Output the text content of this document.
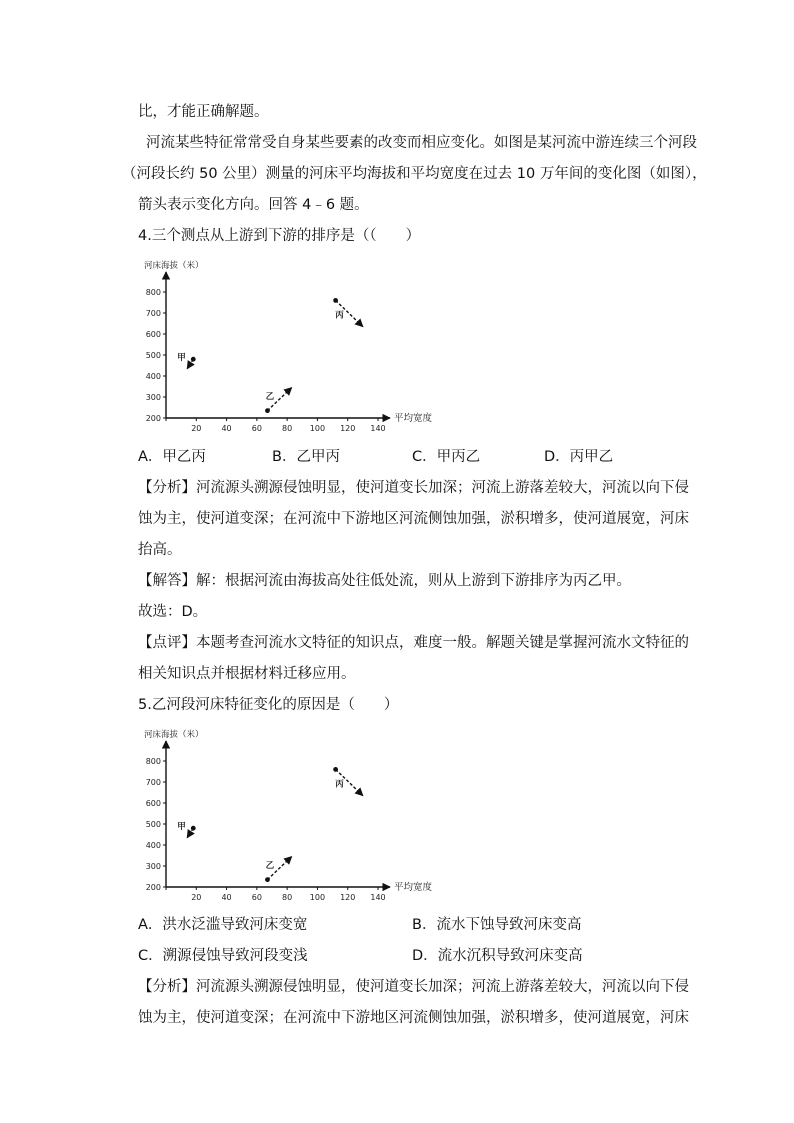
比，才能正确解题。
河流某些特征常常受自身某些要素的改变而相应变化。如图是某河流中游连续三个河段
（河段长约 50 公里）测量的河床平均海拔和平均宽度在过去 10 万年间的变化图（如图），
箭头表示变化方向。回答 4﹣6 题。
4.三个测点从上游到下游的排序是（（　　）
河床海拔（米）
平均宽度
200
300
400
500
600
700
800
20	40	60	80 100 120 140
甲
乙
丙
A．甲乙丙	B．乙甲丙	C．甲丙乙	D．丙甲乙
【分析】河流源头溯源侵蚀明显，使河道变长加深；河流上游落差较大，河流以向下侵
蚀为主，使河道变深；在河流中下游地区河流侧蚀加强，淤积增多，使河道展宽，河床
抬高。
【解答】解：根据河流由海拔高处往低处流，则从上游到下游排序为丙乙甲。
故选：D。
【点评】本题考查河流水文特征的知识点，难度一般。解题关键是掌握河流水文特征的
相关知识点并根据材料迁移应用。
5.乙河段河床特征变化的原因是（　　）
河床海拔（米）
平均宽度
200
300
400
500
600
700
800
20	40	60	80 100 120 140
甲
乙
丙
A．洪水泛滥导致河床变宽	B．流水下蚀导致河床变高
C．溯源侵蚀导致河段变浅	D．流水沉积导致河床变高
【分析】河流源头溯源侵蚀明显，使河道变长加深；河流上游落差较大，河流以向下侵
蚀为主，使河道变深；在河流中下游地区河流侧蚀加强，淤积增多，使河道展宽，河床
